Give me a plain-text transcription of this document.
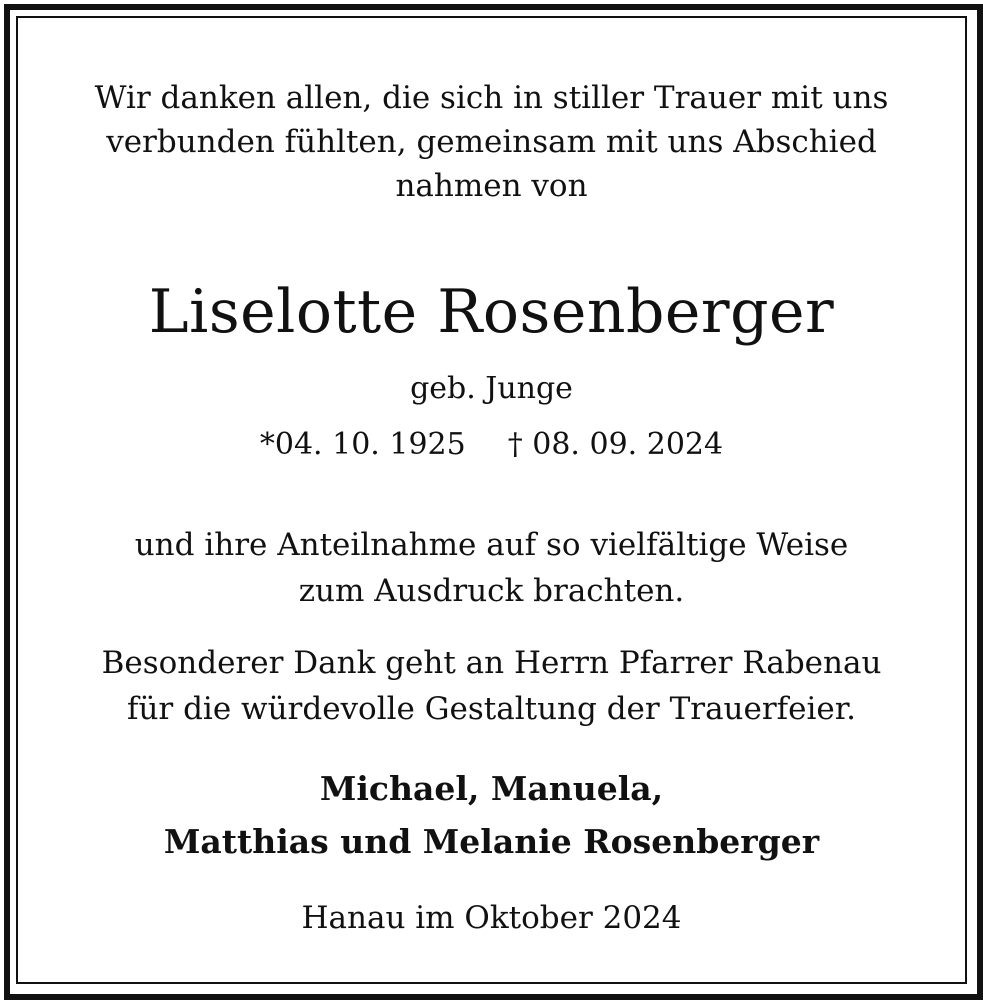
Wir danken allen, die sich in stiller Trauer mit uns
verbunden fühlten, gemeinsam mit uns Abschied
nahmen von
Liselotte Rosenberger
geb. Junge
*04. 10. 1925 † 08. 09. 2024
und ihre Anteilnahme auf so vielfältige Weise
zum Ausdruck brachten.
Besonderer Dank geht an Herrn Pfarrer Rabenau
für die würdevolle Gestaltung der Trauerfeier.
Michael, Manuela,
Matthias und Melanie Rosenberger
Hanau im Oktober 2024
